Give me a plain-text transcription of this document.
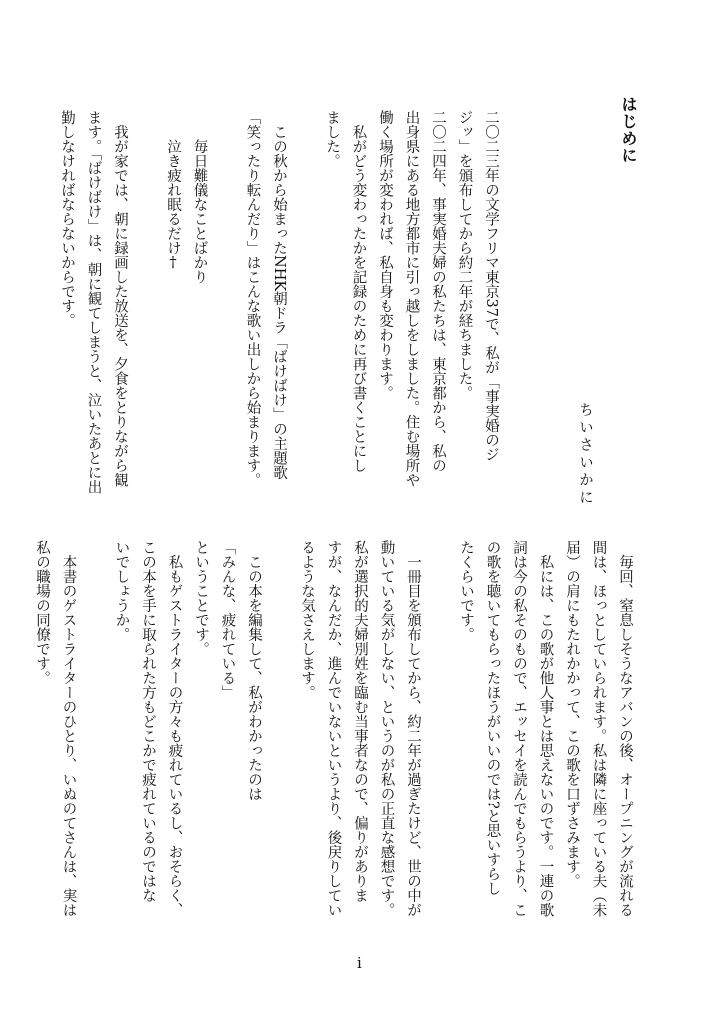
はじめに
ちいさいかに
二〇二三年の文学フリマ東京37で、私が「事実婚のジ
ジッ」を頒布してから約二年が経ちました。
二〇二四年、事実婚夫婦の私たちは、東京都から、私の
出身県にある地方都市に引っ越しをしました。住む場所や
働く場所が変われば、私自身も変わります。
　私がどう変わったかを記録のために再び書くことにし
ました。

　この秋から始まったNHK朝ドラ「ばけばけ」の主題歌
「笑ったり転んだり」はこんな歌い出しから始まります。

　　毎日難儀なことばかり
　　泣き疲れ眠るだけ†

　我が家では、朝に録画した放送を、夕食をとりながら観
ます。「ばけばけ」は、朝に観てしまうと、泣いたあとに出
勤しなければならないからです。
　毎回、窒息しそうなアバンの後、オープニングが流れる
間は、ほっとしていられます。私は隣に座っている夫（未
届）の肩にもたれかかって、この歌を口ずさみます。
　私には、この歌が他人事とは思えないのです。一連の歌
詞は今の私そのもので、エッセイを読んでもらうより、こ
の歌を聴いてもらったほうがいいのでは?と思いすらし
たくらいです。

　一冊目を頒布してから、約二年が過ぎたけど、世の中が
動いている気がしない、というのが私の正直な感想です。
私が選択的夫婦別姓を臨む当事者なので、偏りがありま
すが、なんだか、進んでいないというより、後戻りしてい
るような気さえします。

　この本を編集して、私がわかったのは
「みんな、疲れている」
ということです。
　私もゲストライターの方々も疲れているし、おそらく、
この本を手に取られた方もどこかで疲れているのではな
いでしょうか。

　本書のゲストライターのひとり、いぬのてさんは、実は
私の職場の同僚です。
i
